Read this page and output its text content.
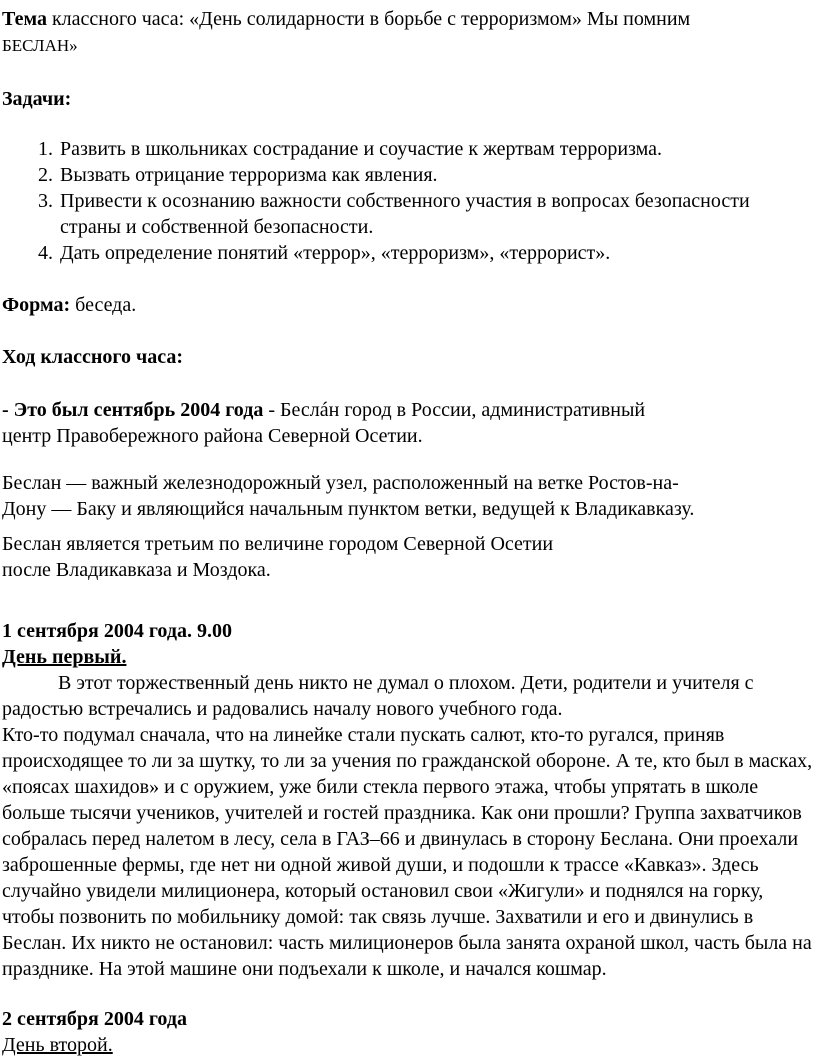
Тема классного часа: «День солидарности в борьбе с терроризмом» Мы помним
БЕСЛАН»

Задачи:

1. Развить в школьниках сострадание и соучастие к жертвам терроризма.
2. Вызвать отрицание терроризма как явления.
3. Привести к осознанию важности собственного участия в вопросах безопасности страны и собственной безопасности.
4. Дать определение понятий «террор», «терроризм», «террорист».

Форма: беседа.

Ход классного часа:

- Это был сентябрь 2004 года - Беслáн город в России, административный
центр Правобережного района Северной Осетии.

Беслан — важный железнодорожный узел, расположенный на ветке Ростов-на-
Дону — Баку и являющийся начальным пунктом ветки, ведущей к Владикавказу.

Беслан является третьим по величине городом Северной Осетии
после Владикавказа и Моздока.

1 сентября 2004 года. 9.00

День первый.

В этот торжественный день никто не думал о плохом. Дети, родители и учителя с радостью встречались и радовались началу нового учебного года.

Кто-то подумал сначала, что на линейке стали пускать салют, кто-то ругался, приняв происходящее то ли за шутку, то ли за учения по гражданской обороне. А те, кто был в масках, «поясах шахидов» и с оружием, уже били стекла первого этажа, чтобы упрятать в школе больше тысячи учеников, учителей и гостей праздника. Как они прошли? Группа захватчиков собралась перед налетом в лесу, села в ГАЗ–66 и двинулась в сторону Беслана. Они проехали заброшенные фермы, где нет ни одной живой души, и подошли к трассе «Кавказ». Здесь случайно увидели милиционера, который остановил свои «Жигули» и поднялся на горку, чтобы позвонить по мобильнику домой: так связь лучше. Захватили и его и двинулись в Беслан. Их никто не остановил: часть милиционеров была занята охраной школ, часть была на празднике. На этой машине они подъехали к школе, и начался кошмар.

2 сентября 2004 года

День второй.
